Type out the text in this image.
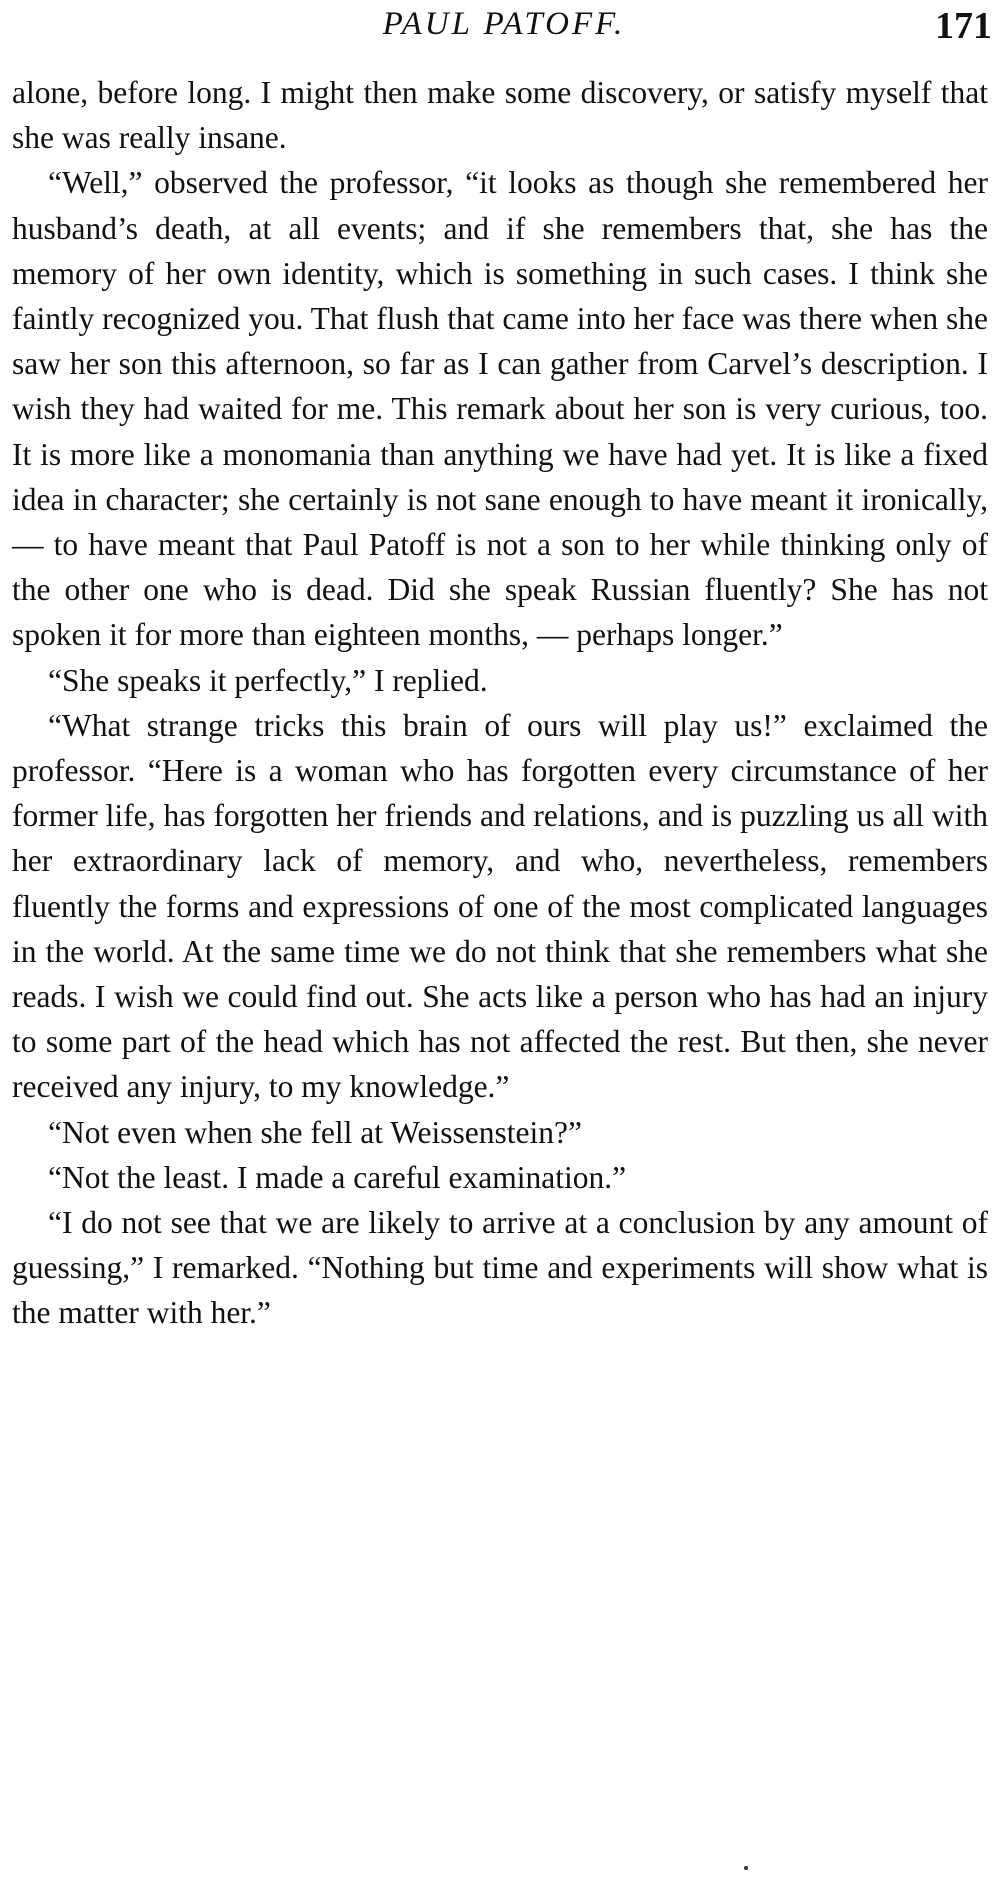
PAUL PATOFF.	171

alone, before long. I might then make some discovery, or satisfy myself that she was really insane.

“Well,” observed the professor, “it looks as though she remembered her husband’s death, at all events; and if she remembers that, she has the memory of her own identity, which is something in such cases. I think she faintly recognized you. That flush that came into her face was there when she saw her son this afternoon, so far as I can gather from Carvel’s description. I wish they had waited for me. This remark about her son is very curious, too. It is more like a monomania than anything we have had yet. It is like a fixed idea in character; she certainly is not sane enough to have meant it ironically, — to have meant that Paul Patoff is not a son to her while thinking only of the other one who is dead. Did she speak Russian fluently? She has not spoken it for more than eighteen months, — perhaps longer.”

“She speaks it perfectly,” I replied.

“What strange tricks this brain of ours will play us!” exclaimed the professor. “Here is a woman who has forgotten every circumstance of her former life, has forgotten her friends and relations, and is puzzling us all with her extraordinary lack of memory, and who, nevertheless, remembers fluently the forms and expressions of one of the most complicated languages in the world. At the same time we do not think that she remembers what she reads. I wish we could find out. She acts like a person who has had an injury to some part of the head which has not affected the rest. But then, she never received any injury, to my knowledge.”

“Not even when she fell at Weissenstein?”

“Not the least. I made a careful examination.”

“I do not see that we are likely to arrive at a conclusion by any amount of guessing,” I remarked. “Nothing but time and experiments will show what is the matter with her.”
